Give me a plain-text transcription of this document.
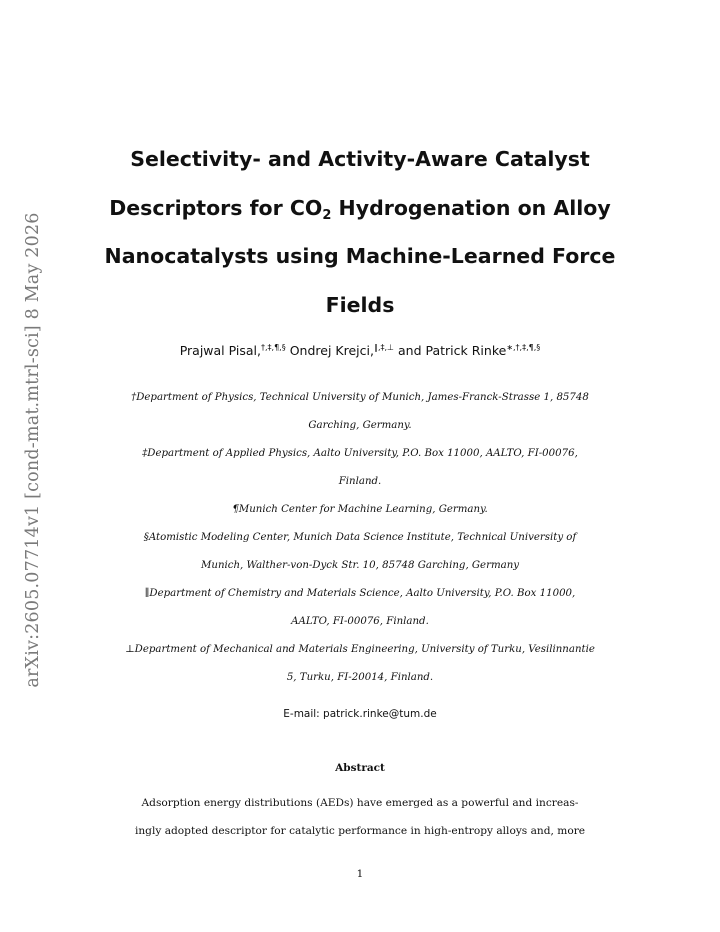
arXiv:2605.07714v1 [cond-mat.mtrl-sci] 8 May 2026
Selectivity- and Activity-Aware Catalyst
Descriptors for $CO_2$ Hydrogenation on Alloy
Nanocatalysts using Machine-Learned Force
Fields
Prajwal Pisal,†,‡,¶,§ Ondrej Krejci,∥,‡,⊥ and Patrick Rinke∗,†,‡,¶,§
†Department of Physics, Technical University of Munich, James-Franck-Strasse 1, 85748
Garching, Germany.
‡Department of Applied Physics, Aalto University, P.O. Box 11000, AALTO, FI-00076,
Finland.
¶Munich Center for Machine Learning, Germany.
§Atomistic Modeling Center, Munich Data Science Institute, Technical University of
Munich, Walther-von-Dyck Str. 10, 85748 Garching, Germany
∥Department of Chemistry and Materials Science, Aalto University, P.O. Box 11000,
AALTO, FI-00076, Finland.
⊥Department of Mechanical and Materials Engineering, University of Turku, Vesilinnantie
5, Turku, FI-20014, Finland.
E-mail: patrick.rinke@tum.de
Abstract
Adsorption energy distributions (AEDs) have emerged as a powerful and increas-
ingly adopted descriptor for catalytic performance in high-entropy alloys and, more
1
